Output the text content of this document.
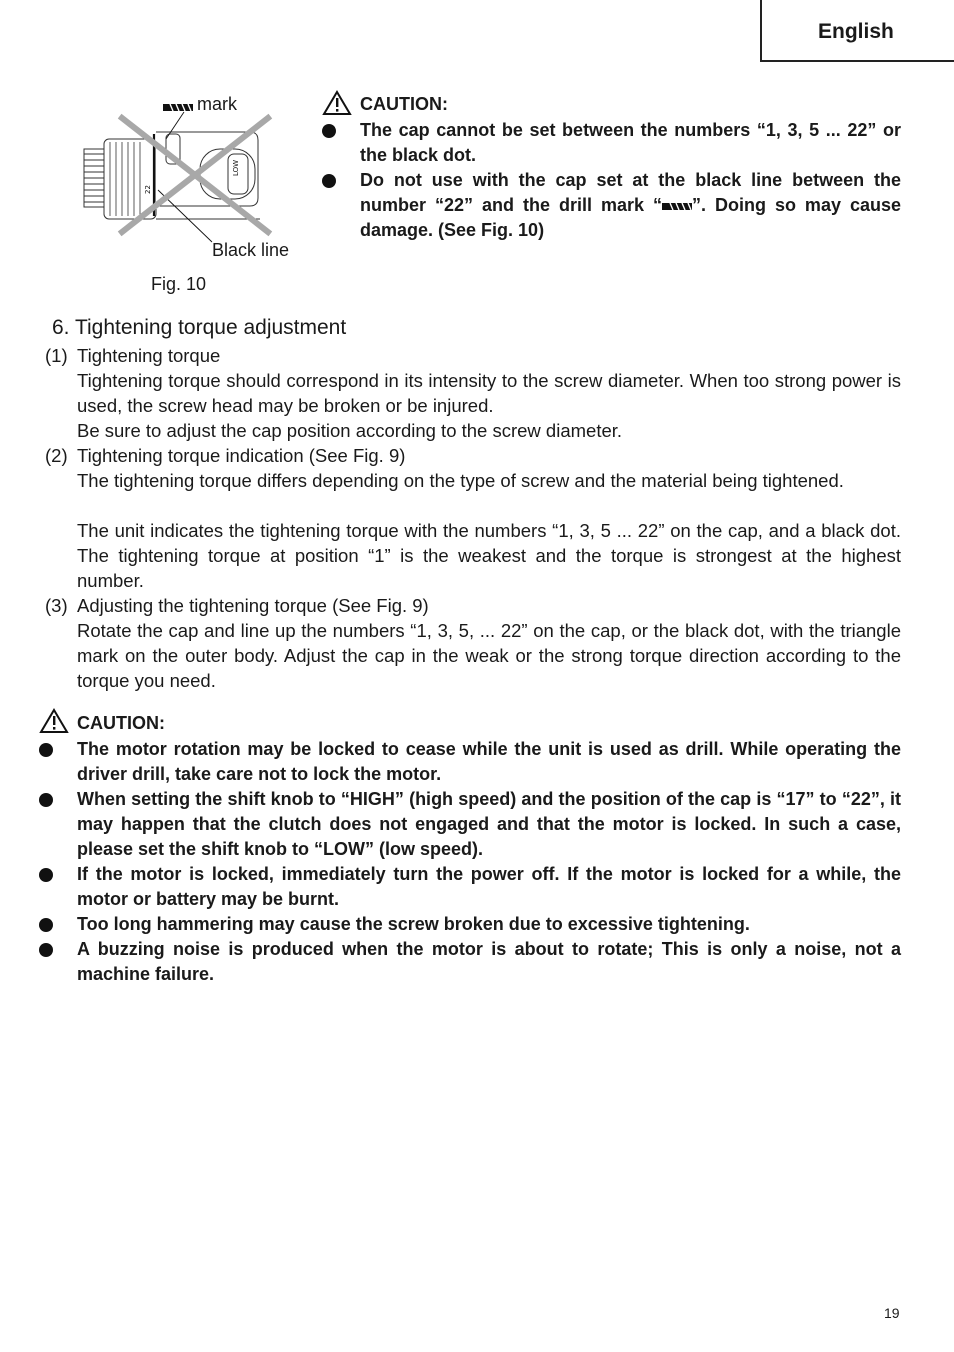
English
LOW
22
mark
Black line
Fig. 10
CAUTION:
The cap cannot be set between the numbers “1, 3, 5 ... 22” or the black dot.
Do not use with the cap set at the black line between the number “22” and the drill mark “ ”. Doing so may cause damage. (See Fig. 10)
6. Tightening torque adjustment
(1) Tightening torque
Tightening torque should correspond in its intensity to the screw diameter. When too strong power is used, the screw head may be broken or be injured.
Be sure to adjust the cap position according to the screw diameter.
(2) Tightening torque indication (See Fig. 9)
The tightening torque differs depending on the type of screw and the material being tightened.
The unit indicates the tightening torque with the numbers “1, 3, 5 ... 22” on the cap, and a black dot. The tightening torque at position “1” is the weakest and the torque is strongest at the highest number.
(3) Adjusting the tightening torque (See Fig. 9)
Rotate the cap and line up the numbers “1, 3, 5, ... 22” on the cap, or the black dot, with the triangle mark on the outer body. Adjust the cap in the weak or the strong torque direction according to the torque you need.
CAUTION:
The motor rotation may be locked to cease while the unit is used as drill. While operating the driver drill, take care not to lock the motor.
When setting the shift knob to “HIGH” (high speed) and the position of the cap is “17” to “22”, it may happen that the clutch does not engaged and that the motor is locked. In such a case, please set the shift knob to “LOW” (low speed).
If the motor is locked, immediately turn the power off. If the motor is locked for a while, the motor or battery may be burnt.
Too long hammering may cause the screw broken due to excessive tightening.
A buzzing noise is produced when the motor is about to rotate; This is only a noise, not a machine failure.
19
